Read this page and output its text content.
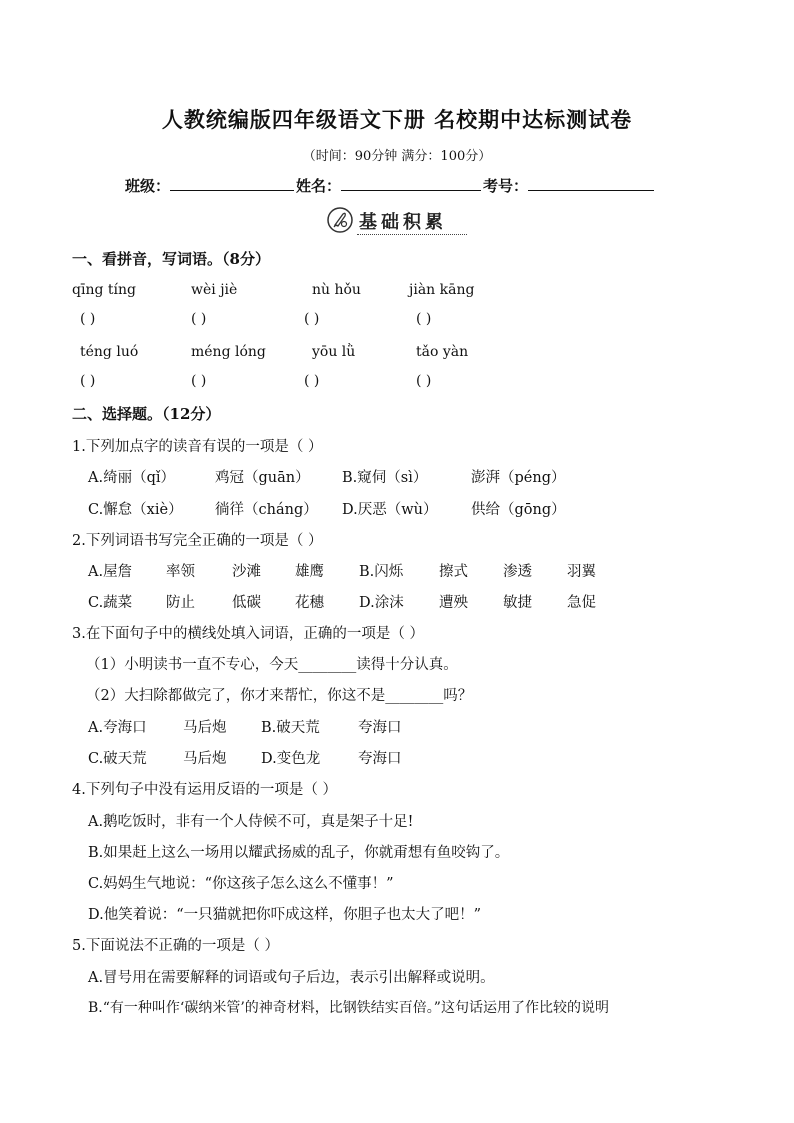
人教统编版四年级语文下册 名校期中达标测试卷
（时间：90分钟 满分：100分）
班级：	姓名：	考号：
基础积累
一、看拼音，写词语。（8分）
qīng tíng	wèi jiè	nù hǒu	jiàn kāng
( )	( )	( )	( )
téng luó	méng lóng	yōu lǜ	tǎo yàn
( )	( )	( )	( )
二、选择题。（12分）
1.下列加点字的读音有误的一项是（ ）
A.绮丽（qǐ）	鸡冠（guān） B.窥伺（sì）	澎湃（péng）
C.懈怠（xiè） 徜徉（cháng） D.厌恶（wù） 供给（gōng）
2.下列词语书写完全正确的一项是（ ）
A.屋詹 率领	沙滩 雄鹰 B.闪烁 擦式 渗透 羽翼
C.蔬菜 防止	低碳 花穗 D.涂沫 遭殃 敏捷 急促
3.在下面句子中的横线处填入词语，正确的一项是（ ）
（1）小明读书一直不专心，今天________读得十分认真。
（2）大扫除都做完了，你才来帮忙，你这不是________吗？
A.夸海口	马后炮 B.破天荒	夸海口
C.破天荒	马后炮 D.变色龙	夸海口
4.下列句子中没有运用反语的一项是（ ）
A.鹅吃饭时，非有一个人侍候不可，真是架子十足!
B.如果赶上这么一场用以耀武扬威的乱子，你就甭想有鱼咬钩了。
C.妈妈生气地说：“你这孩子怎么这么不懂事！”
D.他笑着说：“一只猫就把你吓成这样，你胆子也太大了吧！”
5.下面说法不正确的一项是（ ）
A.冒号用在需要解释的词语或句子后边，表示引出解释或说明。
B.“有一种叫作‘碳纳米管’的神奇材料，比钢铁结实百倍。”这句话运用了作比较的说明
